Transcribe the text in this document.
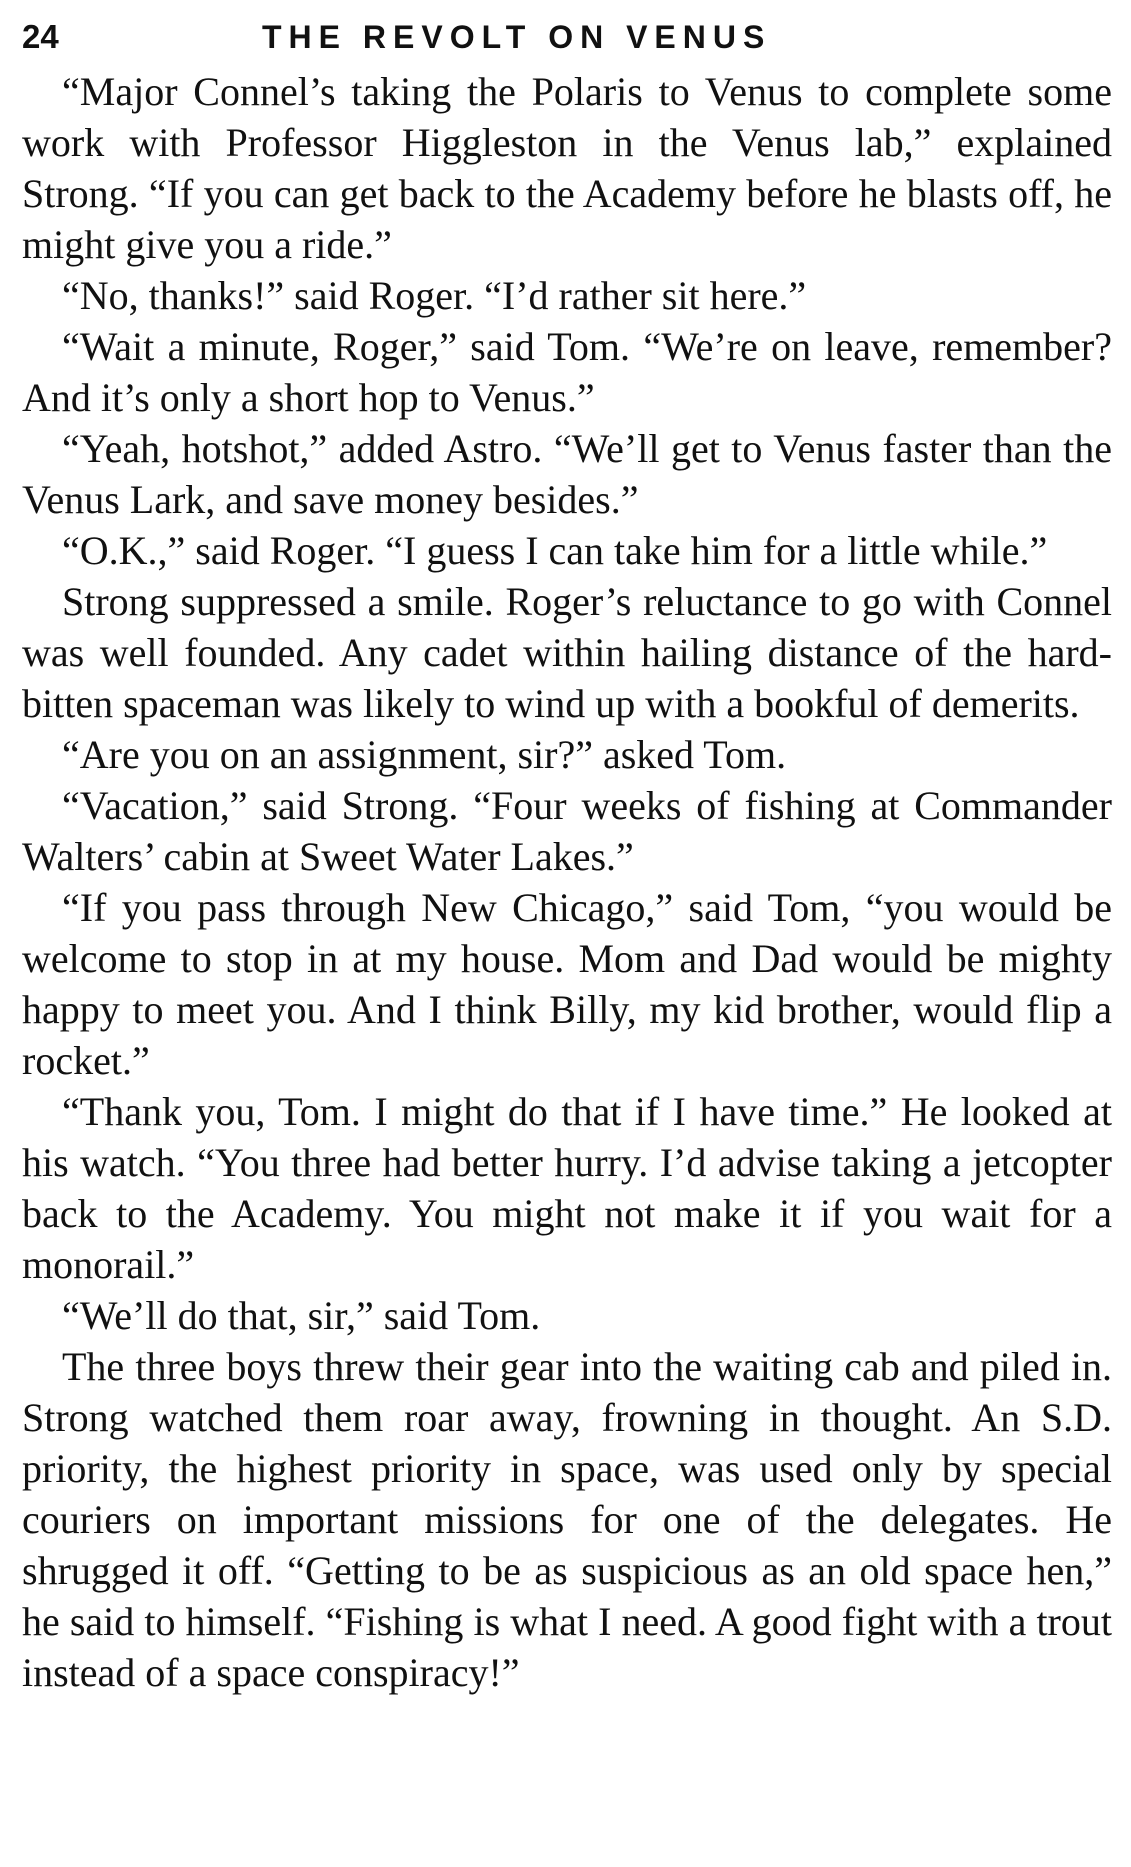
24	THE REVOLT ON VENUS

“Major Connel’s taking the Polaris to Venus to complete some work with Professor Higgleston in the Venus lab,” explained Strong. “If you can get back to the Academy before he blasts off, he might give you a ride.”

“No, thanks!” said Roger. “I’d rather sit here.”

“Wait a minute, Roger,” said Tom. “We’re on leave, remember? And it’s only a short hop to Venus.”

“Yeah, hotshot,” added Astro. “We’ll get to Venus faster than the Venus Lark, and save money besides.”

“O.K.,” said Roger. “I guess I can take him for a little while.”

Strong suppressed a smile. Roger’s reluctance to go with Connel was well founded. Any cadet within hailing distance of the hard-bitten spaceman was likely to wind up with a bookful of demerits.

“Are you on an assignment, sir?” asked Tom.

“Vacation,” said Strong. “Four weeks of fishing at Commander Walters’ cabin at Sweet Water Lakes.”

“If you pass through New Chicago,” said Tom, “you would be welcome to stop in at my house. Mom and Dad would be mighty happy to meet you. And I think Billy, my kid brother, would flip a rocket.”

“Thank you, Tom. I might do that if I have time.” He looked at his watch. “You three had better hurry. I’d advise taking a jetcopter back to the Academy. You might not make it if you wait for a monorail.”

“We’ll do that, sir,” said Tom.

The three boys threw their gear into the waiting cab and piled in. Strong watched them roar away, frowning in thought. An S.D. priority, the highest priority in space, was used only by special couriers on important missions for one of the delegates. He shrugged it off. “Getting to be as suspicious as an old space hen,” he said to himself. “Fishing is what I need. A good fight with a trout instead of a space conspiracy!”
